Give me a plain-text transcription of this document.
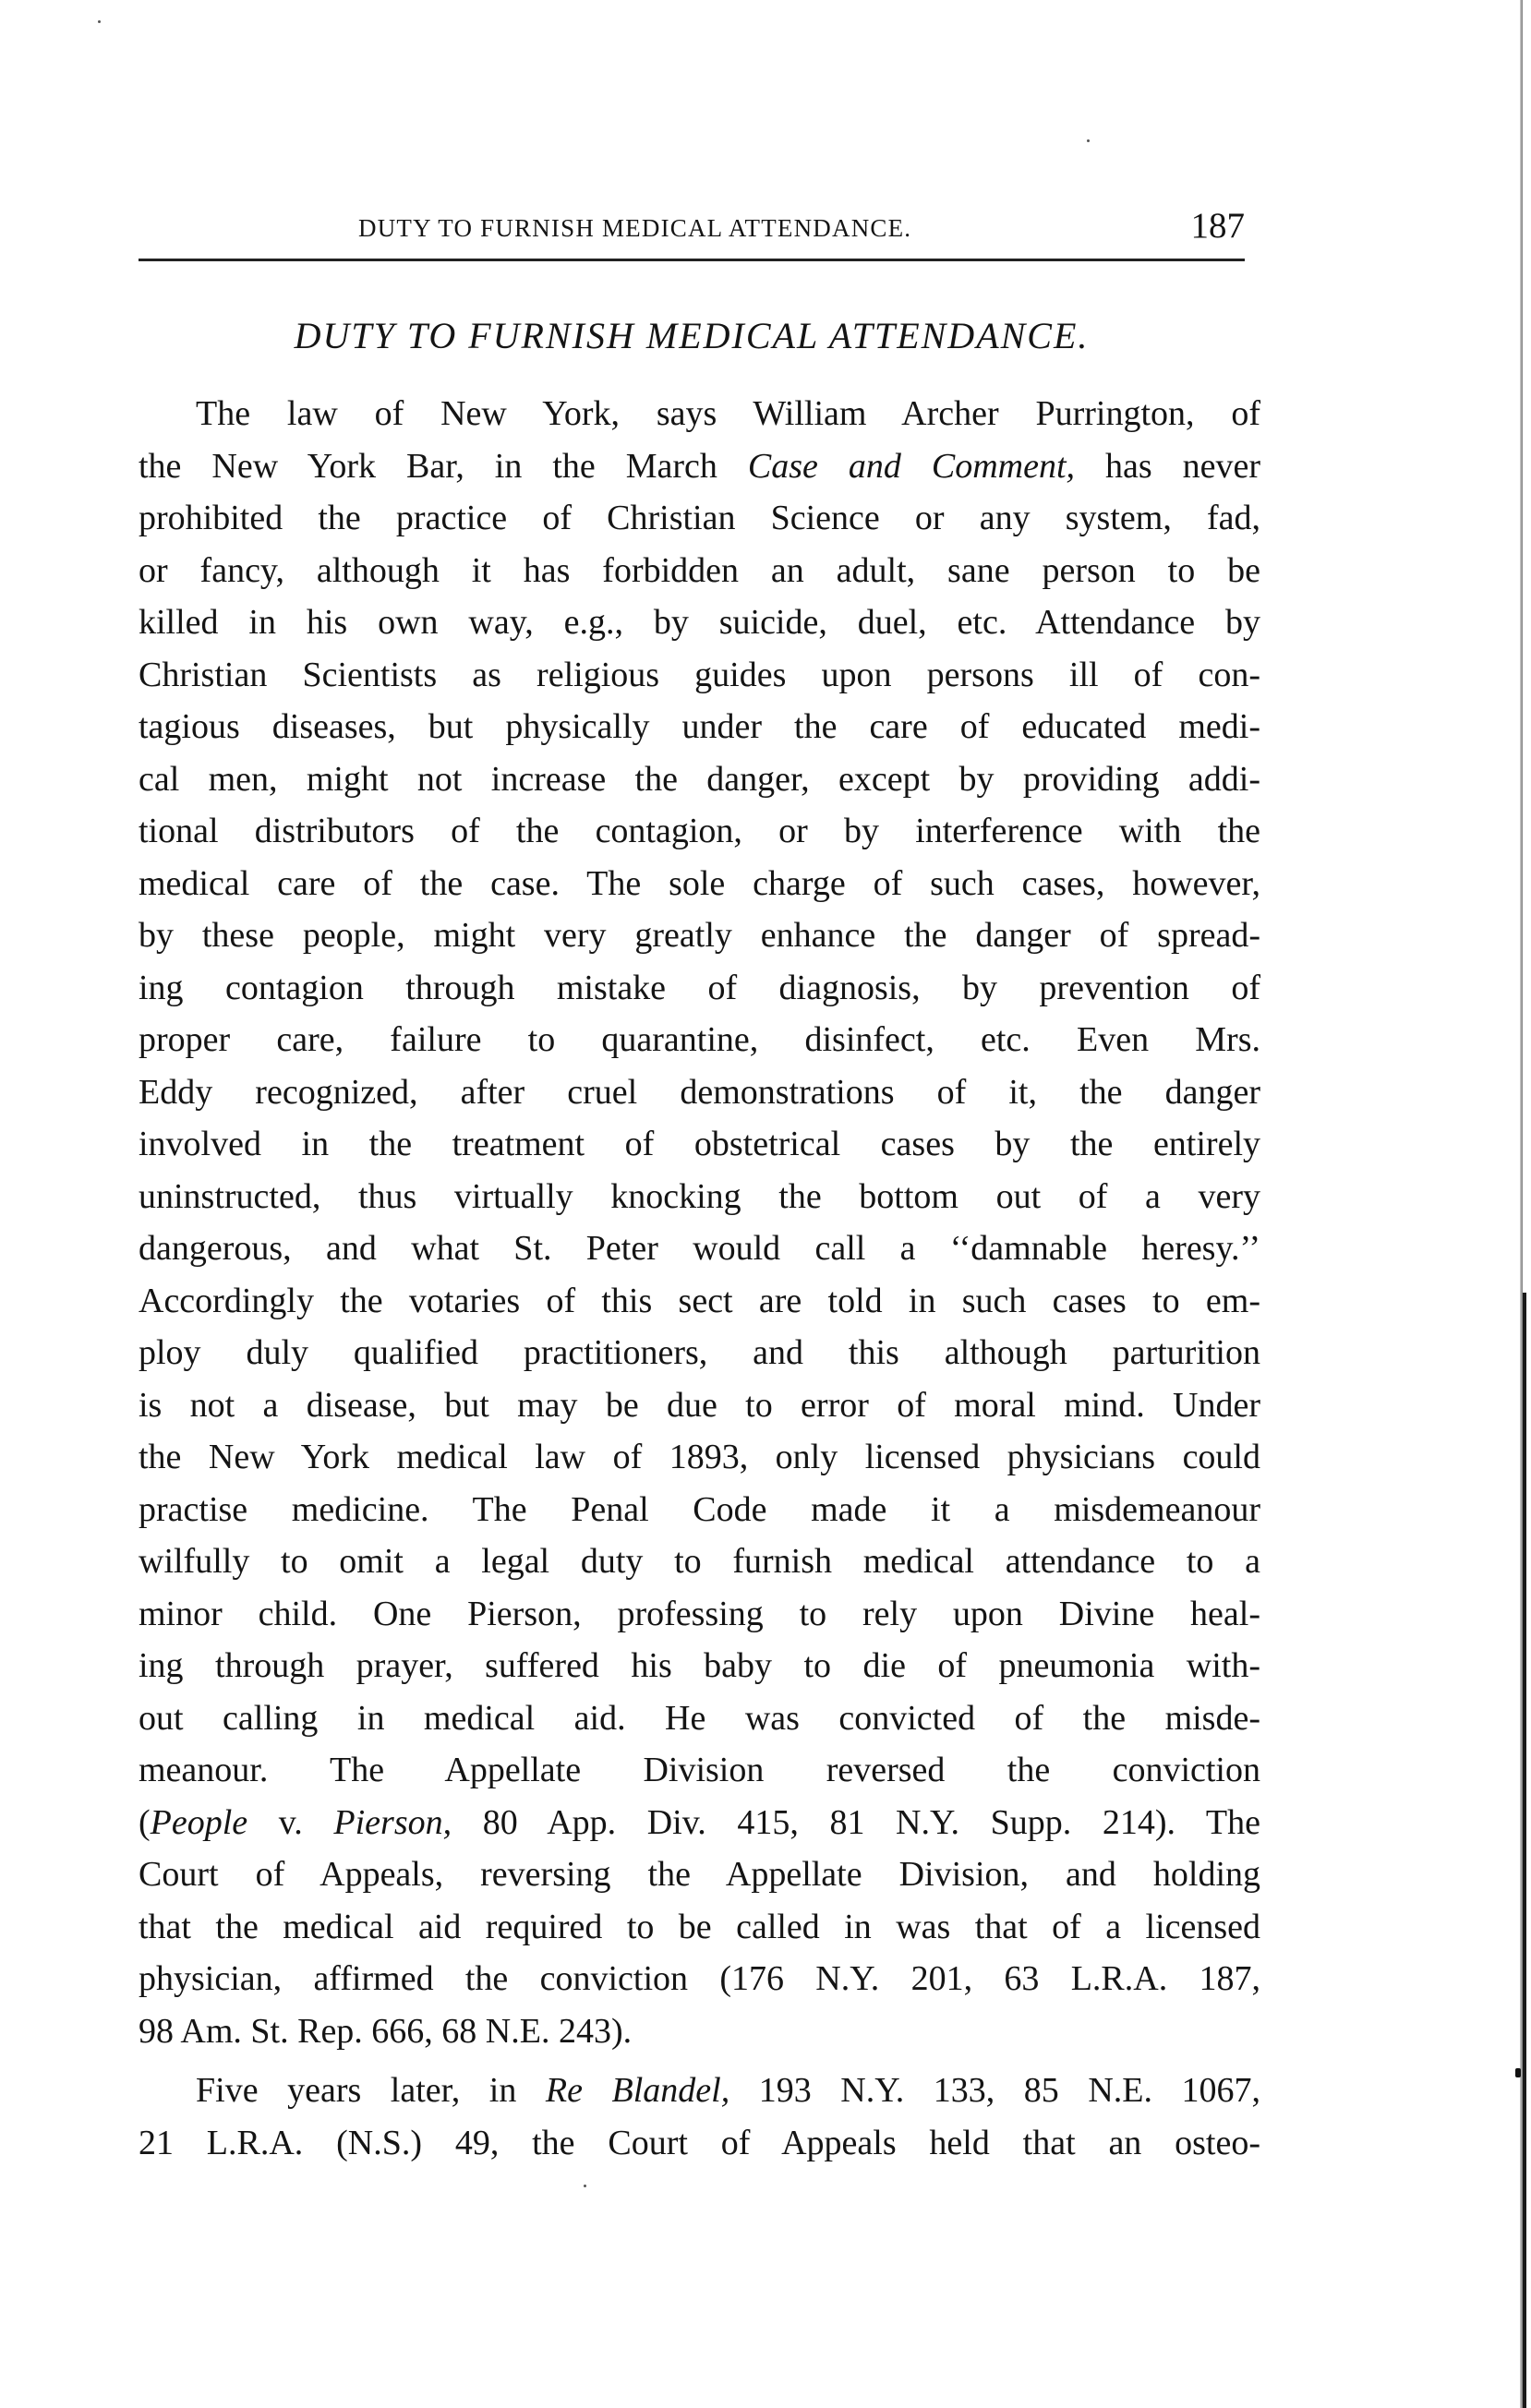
DUTY TO FURNISH MEDICAL ATTENDANCE.	187
DUTY TO FURNISH MEDICAL ATTENDANCE.
The law of New York, says William Archer Purrington, of
the New York Bar, in the March Case and Comment, has never
prohibited the practice of Christian Science or any system, fad,
or fancy, although it has forbidden an adult, sane person to be
killed in his own way, e.g., by suicide, duel, etc. Attendance by
Christian Scientists as religious guides upon persons ill of con-
tagious diseases, but physically under the care of educated medi-
cal men, might not increase the danger, except by providing addi-
tional distributors of the contagion, or by interference with the
medical care of the case. The sole charge of such cases, however,
by these people, might very greatly enhance the danger of spread-
ing contagion through mistake of diagnosis, by prevention of
proper care, failure to quarantine, disinfect, etc. Even Mrs.
Eddy recognized, after cruel demonstrations of it, the danger
involved in the treatment of obstetrical cases by the entirely
uninstructed, thus virtually knocking the bottom out of a very
dangerous, and what St. Peter would call a ‘‘damnable heresy.’’
Accordingly the votaries of this sect are told in such cases to em-
ploy duly qualified practitioners, and this although parturition
is not a disease, but may be due to error of moral mind. Under
the New York medical law of 1893, only licensed physicians could
practise medicine. The Penal Code made it a misdemeanour
wilfully to omit a legal duty to furnish medical attendance to a
minor child. One Pierson, professing to rely upon Divine heal-
ing through prayer, suffered his baby to die of pneumonia with-
out calling in medical aid. He was convicted of the misde-
meanour. The Appellate Division reversed the conviction
(People v. Pierson, 80 App. Div. 415, 81 N.Y. Supp. 214). The
Court of Appeals, reversing the Appellate Division, and holding
that the medical aid required to be called in was that of a licensed
physician, affirmed the conviction (176 N.Y. 201, 63 L.R.A. 187,
98 Am. St. Rep. 666, 68 N.E. 243).
Five years later, in Re Blandel, 193 N.Y. 133, 85 N.E. 1067,
21 L.R.A. (N.S.) 49, the Court of Appeals held that an osteo-
